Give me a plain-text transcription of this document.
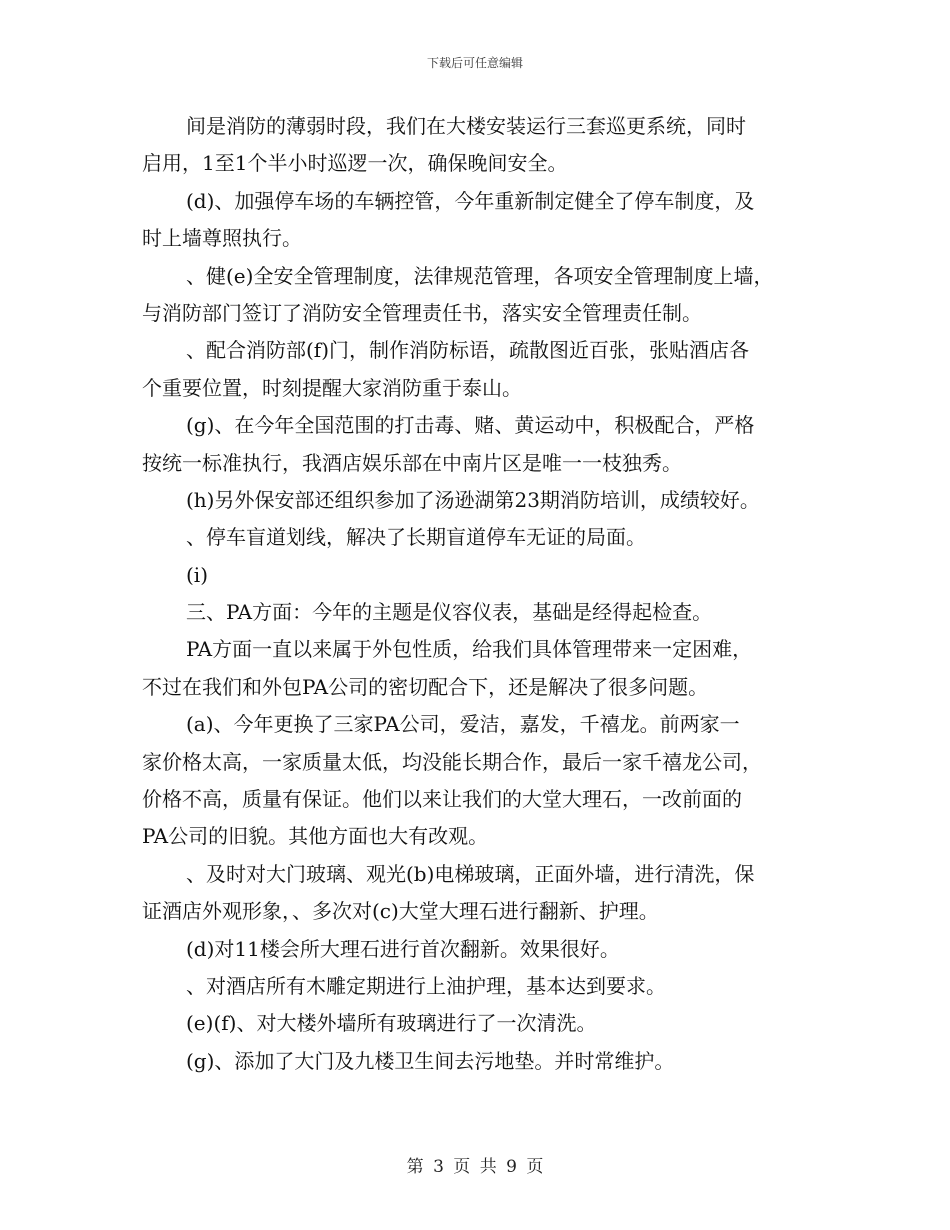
下载后可任意编辑
间是消防的薄弱时段，我们在大楼安装运行三套巡更系统，同时
启用，1至1个半小时巡逻一次，确保晚间安全。
(d)、加强停车场的车辆控管，今年重新制定健全了停车制度，及
时上墙尊照执行。
、健(e)全安全管理制度，法律规范管理，各项安全管理制度上墙，
与消防部门签订了消防安全管理责任书，落实安全管理责任制。
、配合消防部(f)门，制作消防标语，疏散图近百张，张贴酒店各
个重要位置，时刻提醒大家消防重于泰山。
(g)、在今年全国范围的打击毒、赌、黄运动中，积极配合，严格
按统一标准执行，我酒店娱乐部在中南片区是唯一一枝独秀。
(h)另外保安部还组织参加了汤逊湖第23期消防培训，成绩较好。
、停车盲道划线，解决了长期盲道停车无证的局面。
(i)
三、PA方面：今年的主题是仪容仪表，基础是经得起检查。
PA方面一直以来属于外包性质，给我们具体管理带来一定困难，
不过在我们和外包PA公司的密切配合下，还是解决了很多问题。
(a)、今年更换了三家PA公司，爱洁，嘉发，千禧龙。前两家一
家价格太高，一家质量太低，均没能长期合作，最后一家千禧龙公司，
价格不高，质量有保证。他们以来让我们的大堂大理石，一改前面的
PA公司的旧貌。其他方面也大有改观。
、及时对大门玻璃、观光(b)电梯玻璃，正面外墙，进行清洗，保
证酒店外观形象，、多次对(c)大堂大理石进行翻新、护理。
(d)对11楼会所大理石进行首次翻新。效果很好。
、对酒店所有木雕定期进行上油护理，基本达到要求。
(e)(f)、对大楼外墙所有玻璃进行了一次清洗。
(g)、添加了大门及九楼卫生间去污地垫。并时常维护。
第 3 页 共 9 页
